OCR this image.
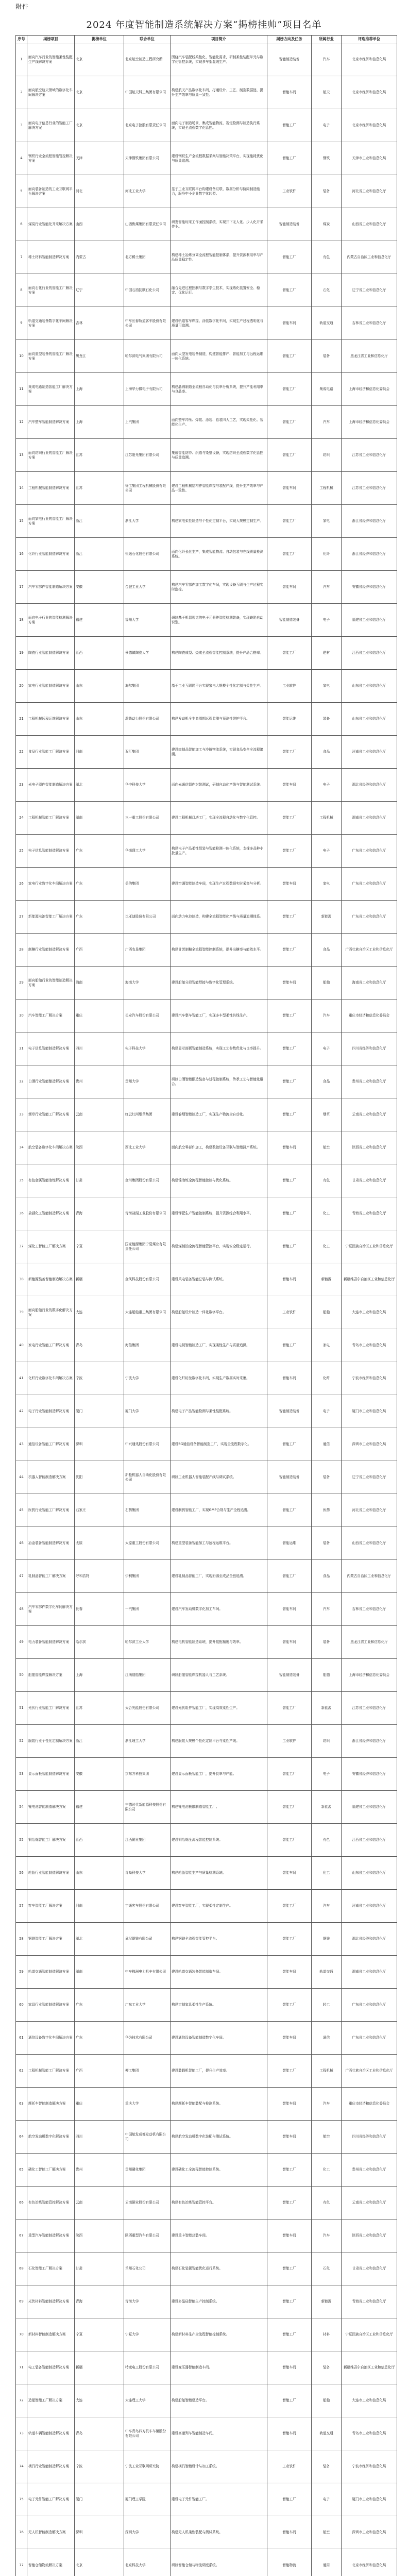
附件
2024 年度智能制造系统解决方案“揭榜挂帅”项目名单
序号	揭榜项目	揭榜单位	联合单位	项目简介	揭榜方向及任务	所属行业	评选推荐单位
1	面向汽车行业的智能柔性装配生产线解决方案	北京	北京航空制造工程研究所	围绕汽车装配线柔性化、智能化需求，研制柔性装配单元与数字化管控系统，实现多车型混线生产。	智能制造装备	汽车	北京市经济和信息化局
2	面向航空航天领域的数字化车间解决方案	北京	中国航天科工集团有限公司	构建航天产品数字化车间，打通设计、工艺、制造数据链，提升生产效率与质量一致性。	智能车间	航天	北京市经济和信息化局
3	面向电子信息行业的智能工厂解决方案	北京	北京电子控股有限责任公司	面向电子制造场景，集成智能物流、视觉检测与制造执行系统，实现全流程数字化管控。	智能工厂	电子	北京市经济和信息化局
4	钢铁行业全流程智能管控解决方案	天津	天津钢铁集团有限公司	建设钢铁生产全流程数据采集与智能决策平台，实现能耗优化与质量追溯。	智能工厂	钢铁	天津市工业和信息化局
5	面向装备制造的工业互联网平台解决方案	河北	河北工业大学	基于工业互联网平台构建设备互联、数据分析与协同制造能力，服务中小企业数字化转型。	工业软件	装备	河北省工业和信息化厅
6	煤炭行业智能化开采解决方案	山西	山西焦煤集团有限责任公司	研发智能综采工作面控制系统，实现井下无人化、少人化开采作业。	智能制造装备	煤炭	山西省工业和信息化厅
7	稀土材料智能制造解决方案	内蒙古	北方稀土集团	构建稀土冶炼分离全流程智能控制体系，提升资源利用率与产品质量稳定性。	智能工厂	有色	内蒙古自治区工业和信息化厅
8	面向石化行业的智能工厂解决方案	辽宁	中国石油抚顺石化公司	融合先进过程控制与数字孪生技术，实现炼化装置安全、稳定、优化运行。	智能工厂	石化	辽宁省工业和信息化厅
9	轨道交通装备数字化车间解决方案	吉林	中车长春轨道客车股份有限公司	建设轨道客车焊接、涂装数字化车间，实现生产过程透明化与质量可追溯。	智能车间	轨道交通	吉林省工业和信息化厅
10	面向重型装备的智能工厂解决方案	黑龙江	哈尔滨电气集团有限公司	面向大型发电装备制造，构建智能排产、智能加工与远程运维一体化系统。	智能工厂	装备	黑龙江省工业和信息化厅
11	集成电路制造智能工厂解决方案	上海	上海华力微电子有限公司	构建晶圆制造全流程自动化与良率分析系统，提升产能利用率与良品率。	智能工厂	集成电路	上海市经济和信息化委员会
12	汽车整车智能制造解决方案	上海	上汽集团	面向整车冲压、焊装、涂装、总装四大工艺，实现柔性化、智能化生产。	智能工厂	汽车	上海市经济和信息化委员会
13	面向纺织行业的智能工厂解决方案	江苏	江苏阳光集团有限公司	集成智能纺纱、织造与染整设备，实现纺织全流程数字化管控与质量追溯。	智能工厂	纺织	江苏省工业和信息化厅
14	工程机械智能制造解决方案	江苏	徐工集团工程机械股份有限公司	建设工程机械结构件智能焊接与装配产线，提升生产效率与产品一致性。	智能车间	工程机械	江苏省工业和信息化厅
15	面向家电行业的智能工厂解决方案	浙江	浙江大学	构建家电柔性制造与个性化定制平台，实现大规模定制生产。	智能工厂	家电	浙江省经济和信息化厅
16	化纤行业智能制造解决方案	浙江	恒逸石化股份有限公司	面向化纤长丝生产，集成智能物流、自动包装与在线质量检测系统。	智能工厂	化纤	浙江省经济和信息化厅
17	汽车零部件智能制造解决方案	安徽	合肥工业大学	构建汽车零部件加工数字化车间，实现设备互联与生产过程实时监控。	智能车间	汽车	安徽省经济和信息化厅
18	面向电子行业的智能检测解决方案	福建	福州大学	研制基于机器视觉的电子元器件智能检测装备，实现缺陷自动识别。	智能制造装备	电子	福建省工业和信息化厅
19	陶瓷行业智能制造解决方案	江西	景德镇陶瓷大学	构建陶瓷成型、烧成全流程智能控制系统，提升产品合格率。	智能工厂	建材	江西省工业和信息化厅
20	家电行业智能制造解决方案	山东	海尔集团	基于工业互联网平台实现家电大规模个性化定制与柔性生产。	工业软件	家电	山东省工业和信息化厅
21	工程机械远程运维解决方案	山东	潍柴动力股份有限公司	构建发动机全生命周期远程监测与预测性维护平台。	智能运维	装备	山东省工业和信息化厅
22	食品行业智能工厂解决方案	河南	双汇集团	建设肉制品智能加工与冷链物流系统，实现食品安全全流程追溯。	智能工厂	食品	河南省工业和信息化厅
23	光电子器件智能制造解决方案	湖北	华中科技大学	面向光通信器件封装测试，研制自动化产线与智能测试系统。	智能车间	电子	湖北省经济和信息化厅
24	工程机械智能工厂解决方案	湖南	三一重工股份有限公司	建设工程机械灯塔工厂，实现全流程自动化与数字化管控。	智能工厂	工程机械	湖南省工业和信息化厅
25	电子信息智能制造解决方案	广东	华南理工大学	构建电子产品柔性组装与智能检测一体化系统，支撑多品种小批量生产。	智能工厂	电子	广东省工业和信息化厅
26	家电行业数字化车间解决方案	广东	美的集团	建设空调智能制造车间，实现生产过程数据实时采集与分析。	智能车间	家电	广东省工业和信息化厅
27	新能源电池智能工厂解决方案	广东	比亚迪股份有限公司	面向动力电池制造，构建全流程智能化产线与质量追溯体系。	智能工厂	新能源	广东省工业和信息化厅
28	制糖行业智能制造解决方案	广西	广西农垦集团	构建甘蔗制糖全流程智能控制系统，提升出糖率与能效水平。	智能工厂	食品	广西壮族自治区工业和信息化厅
29	面向船舶行业的智能制造解决方案	海南	海南大学	建设船舶分段智能焊接与数字化管理系统。	智能车间	船舶	海南省工业和信息化厅
30	汽车智能工厂解决方案	重庆	长安汽车股份有限公司	建设汽车整车智能工厂，实现多车型柔性共线生产。	智能工厂	汽车	重庆市经济和信息化委员会
31	电子信息智能制造解决方案	四川	电子科技大学	构建显示面板智能制造系统，实现工艺参数优化与良率提升。	智能工厂	电子	四川省经济和信息化厅
32	白酒行业智能酿造解决方案	贵州	贵州大学	研制白酒智能酿造装备与过程控制系统，传承工艺与智能化融合。	智能工厂	食品	贵州省工业和信息化厅
33	烟草行业智能工厂解决方案	云南	红云红河烟草集团	建设卷烟智能制造工厂，实现生产物流全自动化。	智能工厂	烟草	云南省工业和信息化厅
34	航空装备数字化车间解决方案	陕西	西北工业大学	面向航空零部件加工，构建数控设备互联与智能排产系统。	智能车间	航空	陕西省工业和信息化厅
35	有色金属智能冶炼解决方案	甘肃	金川集团股份有限公司	构建镍冶炼全流程智能控制与优化系统。	智能工厂	有色	甘肃省工业和信息化厅
36	盐湖化工智能制造解决方案	青海	青海盐湖工业股份有限公司	建设钾肥生产智能控制系统，提升资源综合利用水平。	智能工厂	化工	青海省工业和信息化厅
37	煤化工智能工厂解决方案	宁夏	国家能源集团宁夏煤业有限责任公司	构建煤制油全流程智能管控平台，实现安全稳定运行。	智能工厂	化工	宁夏回族自治区工业和信息化厅
38	新能源装备智能制造解决方案	新疆	金风科技股份有限公司	建设风电装备智能总装与测试系统。	智能车间	新能源	新疆维吾尔自治区工业和信息化厅
39	面向船舶行业的数字化解决方案	大连	大连船舶重工集团有限公司	构建船舶设计制造一体化数字平台。	工业软件	船舶	大连市工业和信息化局
40	家电行业智能工厂解决方案	青岛	海信集团	建设电视智能制造工厂，实现柔性生产与质量追溯。	智能工厂	家电	青岛市工业和信息化局
41	化纤行业数字化车间解决方案	宁波	宁波大学	建设化纤纺丝数字化车间，实现生产数据实时采集。	智能车间	化纤	宁波市经济和信息化局
42	电子行业智能制造解决方案	厦门	厦门大学	构建电子产品智能检测与柔性装配系统。	智能制造装备	电子	厦门市工业和信息化局
43	通信设备智能工厂解决方案	深圳	中兴通讯股份有限公司	建设5G通信设备智能制造工厂，实现全流程数字化。	智能工厂	通信	深圳市工业和信息化局
44	机器人智能制造解决方案	沈阳	新松机器人自动化股份有限公司	研制工业机器人智能装配产线与调试系统。	智能制造装备	装备	辽宁省工业和信息化厅
45	医药行业智能工厂解决方案	石家庄	石药集团	建设制药智能工厂，实现GMP合规与生产全程追溯。	智能工厂	医药	河北省工业和信息化厅
46	冶金装备智能制造解决方案	太原	太原重工股份有限公司	构建重型装备智能加工与远程运维平台。	智能运维	装备	山西省工业和信息化厅
47	乳制品智能工厂解决方案	呼和浩特	伊利集团	建设乳制品智能工厂，实现奶源至成品全链追溯。	智能工厂	食品	内蒙古自治区工业和信息化厅
48	汽车零部件数字化车间解决方案	长春	一汽集团	建设汽车发动机数字化加工车间。	智能车间	汽车	吉林省工业和信息化厅
49	电力装备智能制造解决方案	哈尔滨	哈尔滨工业大学	构建电机智能制造系统，提升装配精度与效率。	智能车间	装备	黑龙江省工业和信息化厅
50	船舶智能焊接解决方案	上海	江南造船集团	研制船舶智能焊接机器人与工艺系统。	智能制造装备	船舶	上海市经济和信息化委员会
51	光伏行业智能工厂解决方案	江苏	天合光能股份有限公司	建设光伏组件智能工厂，实现高效柔性生产。	智能工厂	新能源	江苏省工业和信息化厅
52	服装行业个性化定制解决方案	浙江	浙江理工大学	构建服装大规模个性化定制平台与柔性产线。	工业软件	纺织	浙江省经济和信息化厅
53	显示面板智能制造解决方案	安徽	京东方科技集团	建设显示面板智能工厂，提升良率与产能。	智能工厂	电子	安徽省经济和信息化厅
54	锂电池智能制造解决方案	福建	宁德时代新能源科技股份有限公司	构建锂电池极限制造智能工厂。	智能工厂	新能源	福建省工业和信息化厅
55	铜冶炼智能工厂解决方案	江西	江西铜业集团	建设铜冶炼全流程智能控制系统。	智能工厂	有色	江西省工业和信息化厅
56	轮胎行业智能制造解决方案	山东	青岛科技大学	构建轮胎智能生产与质量检测系统。	智能车间	化工	山东省工业和信息化厅
57	客车智能工厂解决方案	河南	宇通客车股份有限公司	建设客车智能工厂，实现柔性定制生产。	智能工厂	汽车	河南省工业和信息化厅
58	钢铁智能工厂解决方案	湖北	武汉钢铁有限公司	构建钢铁全流程智能管控平台。	智能工厂	钢铁	湖北省经济和信息化厅
59	轨道交通智能制造解决方案	湖南	中车株洲电力机车有限公司	建设轨道交通装备智能制造车间。	智能车间	轨道交通	湖南省工业和信息化厅
60	家具行业智能制造解决方案	广东	广东工业大学	构建定制家具柔性生产系统。	智能工厂	轻工	广东省工业和信息化厅
61	通信设备数字化车间解决方案	广东	华为技术有限公司	建设通信设备智能制造数字化车间。	智能车间	通信	广东省工业和信息化厅
62	工程机械智能工厂解决方案	广西	柳工集团	建设装载机智能工厂，提升生产效率。	智能工厂	工程机械	广西壮族自治区工业和信息化厅
63	摩托车智能制造解决方案	重庆	重庆大学	构建摩托车智能装配与检测系统。	智能车间	汽车	重庆市经济和信息化委员会
64	航空发动机数字化解决方案	四川	中国航发成都发动机有限公司	构建航空发动机数字化装配与测试系统。	智能车间	航空	四川省经济和信息化厅
65	磷化工智能工厂解决方案	贵州	贵州磷化集团	建设磷化工全流程智能控制系统。	智能工厂	化工	贵州省工业和信息化厅
66	有色冶炼智能管控解决方案	云南	云南铜业股份有限公司	构建有色冶炼智能管控平台。	智能工厂	有色	云南省工业和信息化厅
67	重型汽车智能制造解决方案	陕西	陕西重型汽车有限公司	建设重卡智能总装车间。	智能车间	汽车	陕西省工业和信息化厅
68	石化智能工厂解决方案	甘肃	兰州石化公司	构建石化装置智能优化运行系统。	智能工厂	石化	甘肃省工业和信息化厅
69	光伏材料智能制造解决方案	青海	青海大学	建设多晶硅智能生产控制系统。	智能工厂	新能源	青海省工业和信息化厅
70	新材料智能制造解决方案	宁夏	宁夏大学	构建新材料生产全流程智能控制系统。	智能工厂	材料	宁夏回族自治区工业和信息化厅
71	电工装备智能制造解决方案	新疆	特变电工股份有限公司	建设变压器智能制造车间。	智能车间	装备	新疆维吾尔自治区工业和信息化厅
72	造船智能工厂解决方案	大连	大连理工大学	构建船舶智能建造平台。	智能工厂	船舶	大连市工业和信息化局
73	轨道车辆智能制造解决方案	青岛	中车青岛四方机车车辆股份有限公司	建设高速列车智能制造车间。	智能车间	轨道交通	青岛市工业和信息化局
74	模具行业智能制造解决方案	宁波	宁波工业互联网研究院	构建模具智能设计与加工系统。	工业软件	装备	宁波市经济和信息化局
75	电子元件智能工厂解决方案	厦门	厦门理工学院	建设电子元件智能工厂。	智能工厂	电子	厦门市工业和信息化局
76	无人机智能制造解决方案	深圳	深圳大学	构建无人机柔性装配与测试系统。	智能车间	航空	深圳市工业和信息化局
77	智能仓储物流解决方案	北京	北京科技大学	研制智能仓储与物流调度系统。	智能物流	通用	北京市经济和信息化局
